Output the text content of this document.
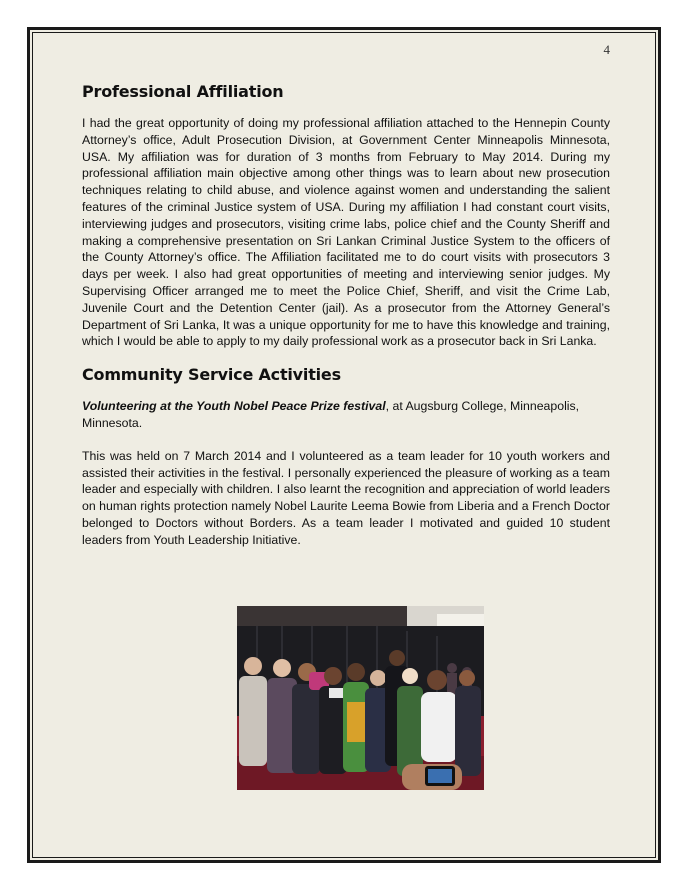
4
Professional Affiliation

I had the great opportunity of doing my professional affiliation attached to the Hennepin County Attorney’s office, Adult Prosecution Division, at Government Center Minneapolis Minnesota, USA. My affiliation was for duration of 3 months from February to May 2014. During my professional affiliation main objective among other things was to learn about new prosecution techniques relating to child abuse, and violence against women and understanding the salient features of the criminal Justice system of USA. During my affiliation I had constant court visits, interviewing judges and prosecutors, visiting crime labs, police chief and the County Sheriff and making a comprehensive presentation on Sri Lankan Criminal Justice System to the officers of the County Attorney’s office. The Affiliation facilitated me to do court visits with prosecutors 3 days per week. I also had great opportunities of meeting and interviewing senior judges. My Supervising Officer arranged me to meet the Police Chief, Sheriff, and visit the Crime Lab, Juvenile Court and the Detention Center (jail). As a prosecutor from the Attorney General’s Department of Sri Lanka, It was a unique opportunity for me to have this knowledge and training, which I would be able to apply to my daily professional work as a prosecutor back in Sri Lanka.

Community Service Activities

Volunteering at the Youth Nobel Peace Prize festival, at Augsburg College, Minneapolis, Minnesota.

This was held on 7 March 2014 and I volunteered as a team leader for 10 youth workers and assisted their activities in the festival. I personally experienced the pleasure of working as a team leader and especially with children. I also learnt the recognition and appreciation of world leaders on human rights protection namely Nobel Laurite Leema Bowie from Liberia and a French Doctor belonged to Doctors without Borders. As a team leader I motivated and guided 10 student leaders from Youth Leadership Initiative.
